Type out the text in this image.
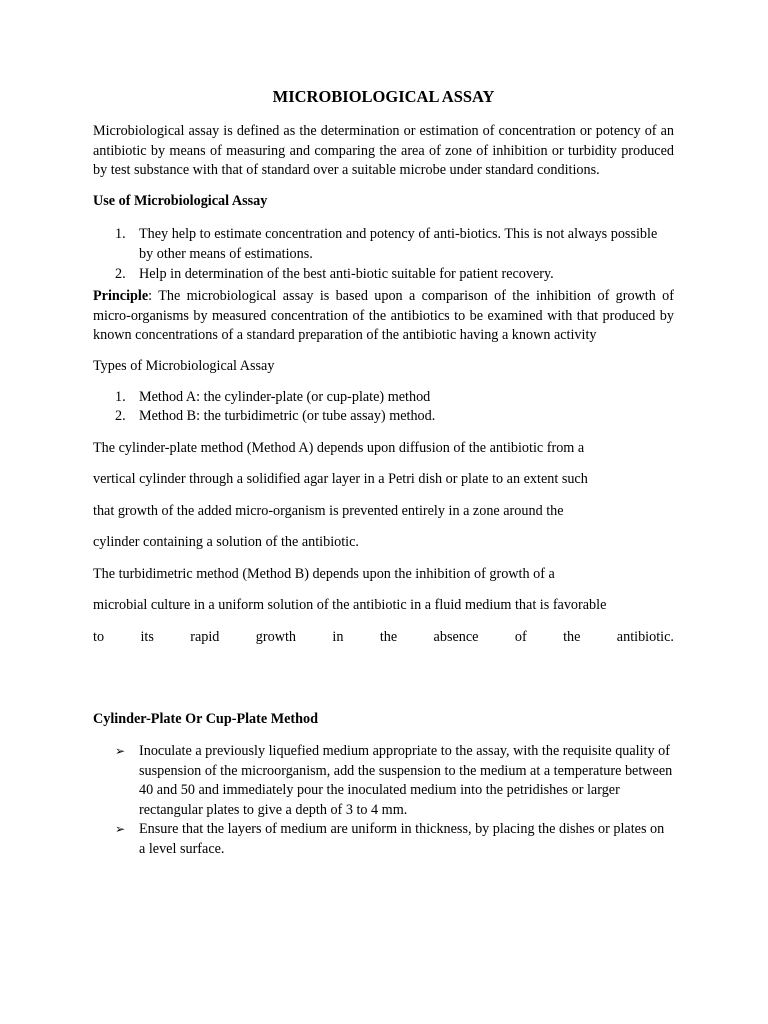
MICROBIOLOGICAL ASSAY

Microbiological assay is defined as the determination or estimation of concentration or potency of an antibiotic by means of measuring and comparing the area of zone of inhibition or turbidity produced by test substance with that of standard over a suitable microbe under standard conditions.

Use of Microbiological Assay

1. They help to estimate concentration and potency of anti-biotics. This is not always possible by other means of estimations.
2. Help in determination of the best anti-biotic suitable for patient recovery.

Principle: The microbiological assay is based upon a comparison of the inhibition of growth of micro-organisms by measured concentration of the antibiotics to be examined with that produced by known concentrations of a standard preparation of the antibiotic having a known activity

Types of Microbiological Assay

1. Method A: the cylinder-plate (or cup-plate) method
2. Method B: the turbidimetric (or tube assay) method.

The cylinder-plate method (Method A) depends upon diffusion of the antibiotic from a

vertical cylinder through a solidified agar layer in a Petri dish or plate to an extent such

that growth of the added micro-organism is prevented entirely in a zone around the

cylinder containing a solution of the antibiotic.

The turbidimetric method (Method B) depends upon the inhibition of growth of a

microbial culture in a uniform solution of the antibiotic in a fluid medium that is favorable

to	its	rapid	growth	in	the	absence	of	the	antibiotic.

Cylinder-Plate Or Cup-Plate Method

➢ Inoculate a previously liquefied medium appropriate to the assay, with the requisite quality of suspension of the microorganism, add the suspension to the medium at a temperature between 40 and 50 and immediately pour the inoculated medium into the petridishes or larger rectangular plates to give a depth of 3 to 4 mm.
➢ Ensure that the layers of medium are uniform in thickness, by placing the dishes or plates on a level surface.
